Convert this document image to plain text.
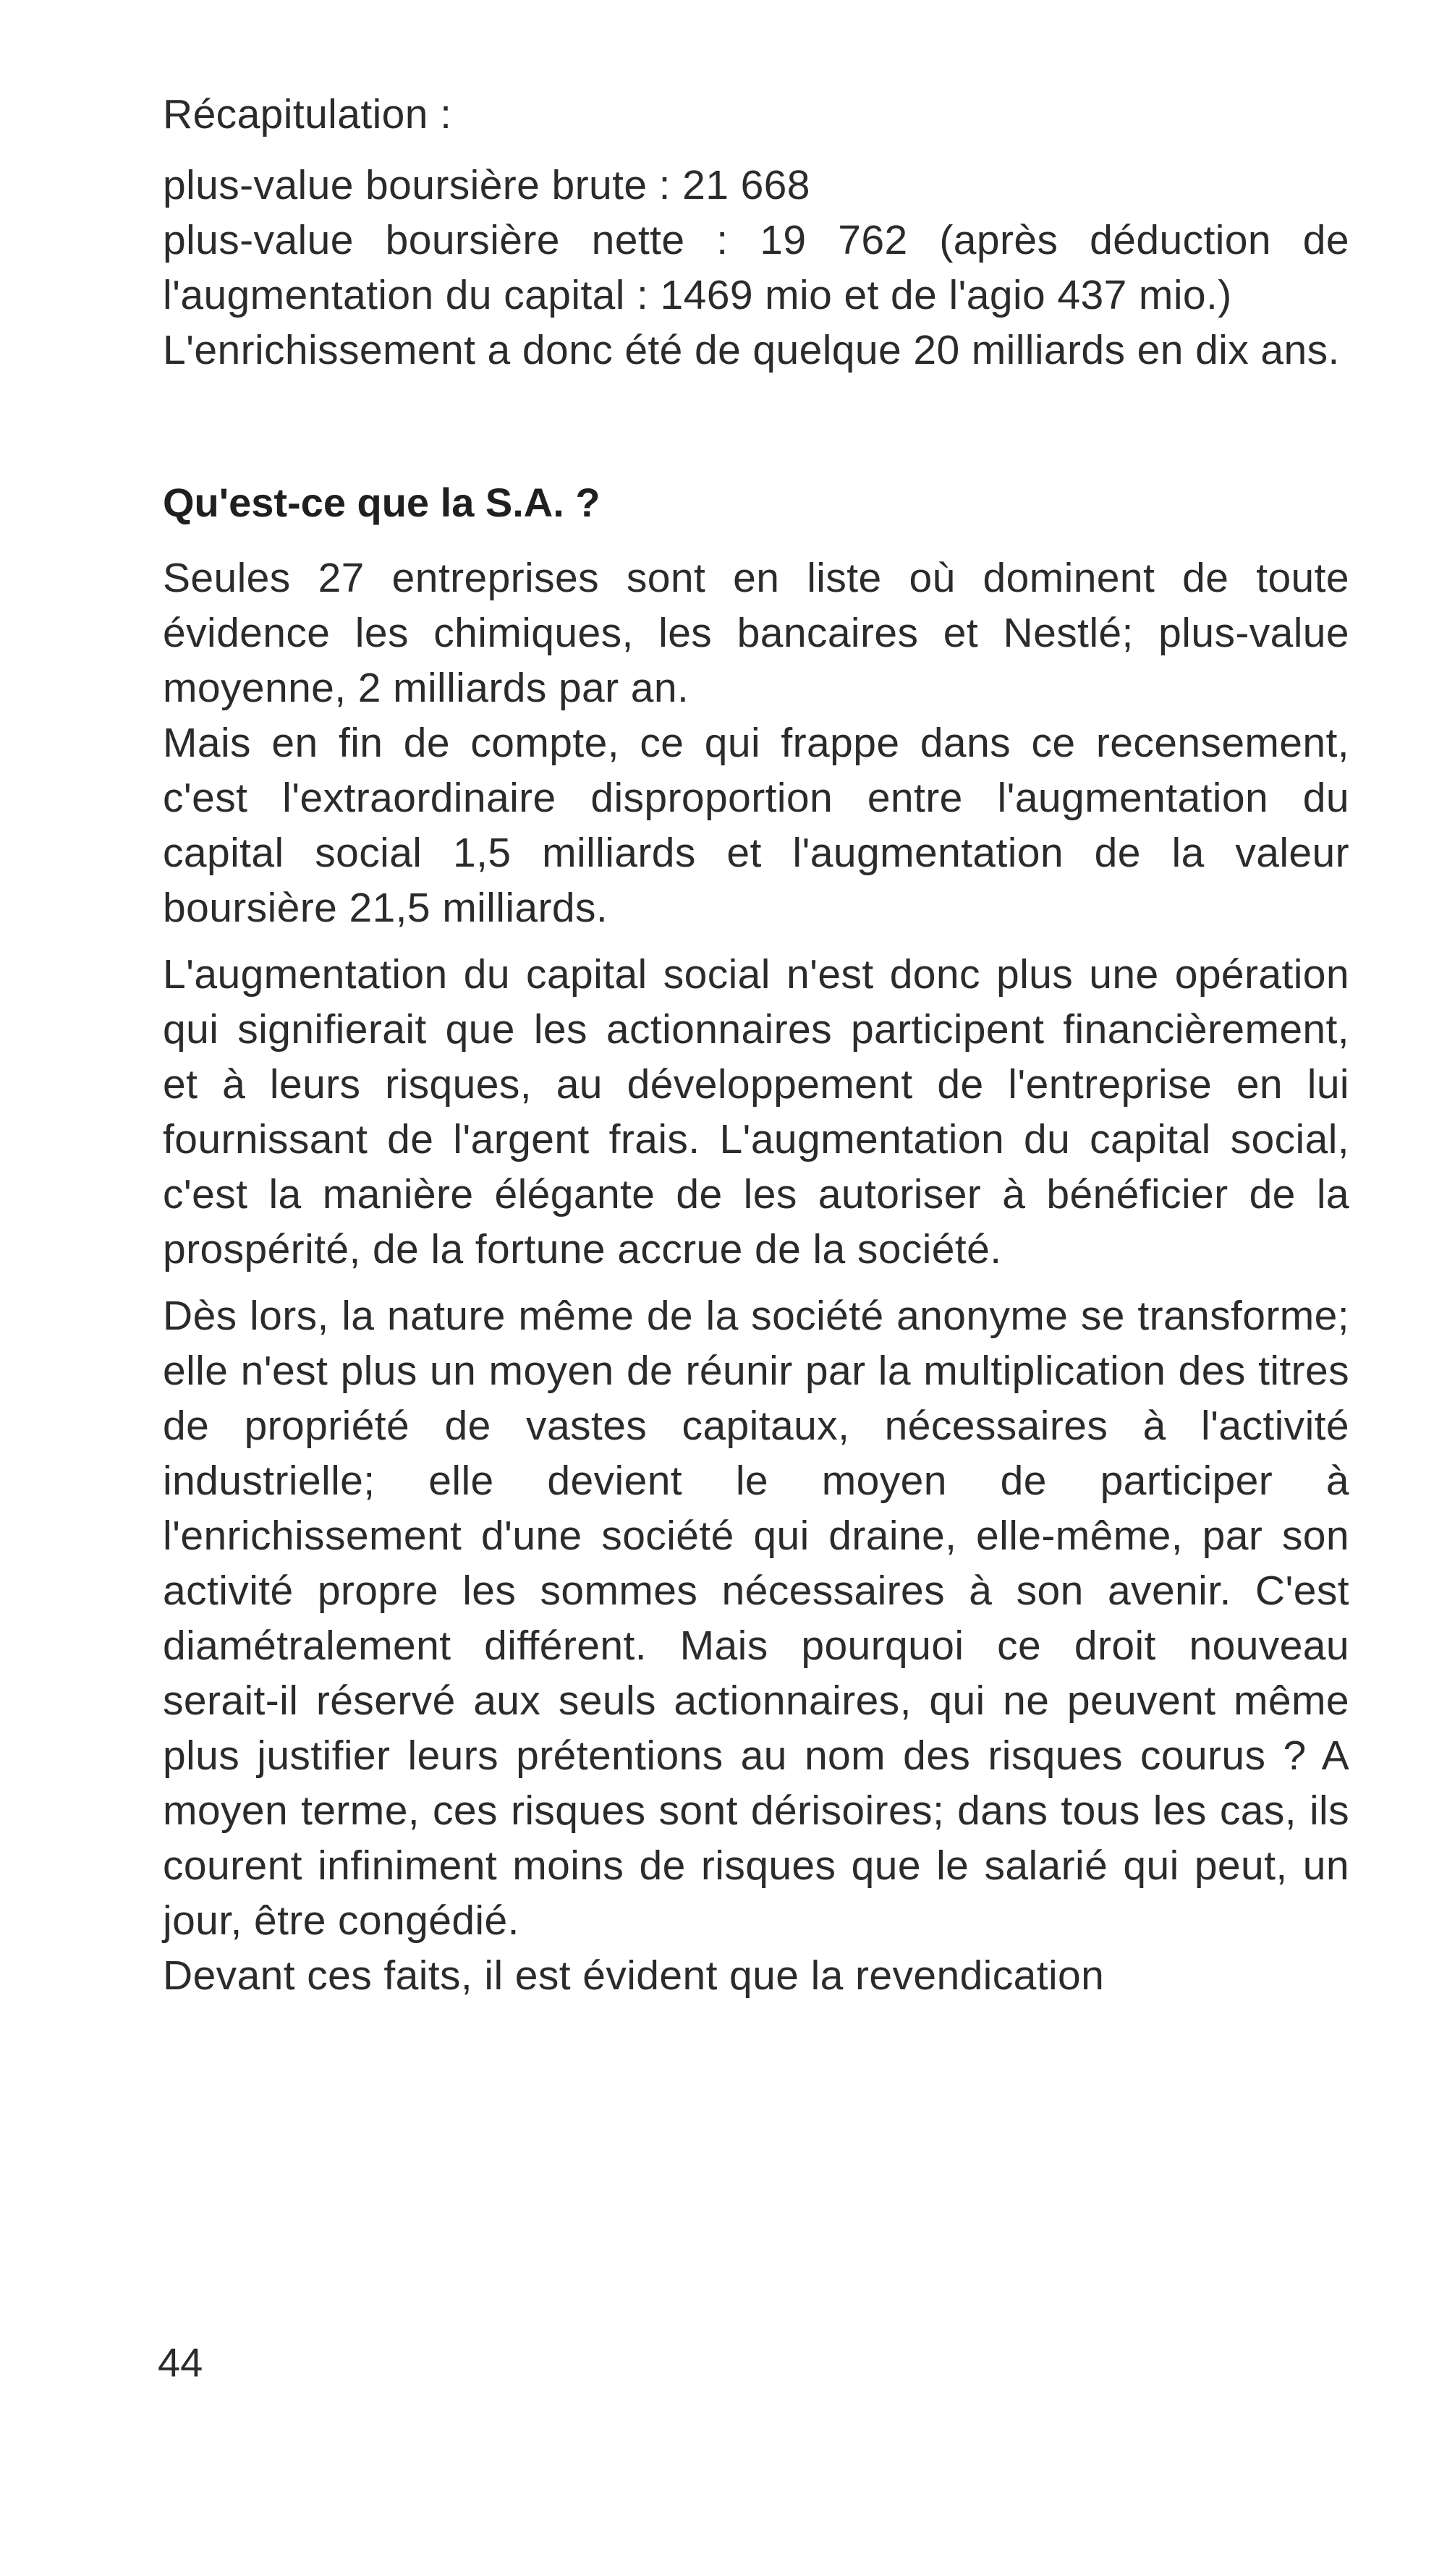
Récapitulation :

plus-value boursière brute : 21 668

plus-value boursière nette : 19 762 (après déduction de l'augmentation du capital : 1469 mio et de l'agio 437 mio.)

L'enrichissement a donc été de quelque 20 milliards en dix ans.

Qu'est-ce que la S.A. ?

Seules 27 entreprises sont en liste où dominent de toute évidence les chimiques, les bancaires et Nestlé; plus-value moyenne, 2 milliards par an.

Mais en fin de compte, ce qui frappe dans ce recensement, c'est l'extraordinaire disproportion entre l'augmentation du capital social 1,5 milliards et l'augmentation de la valeur boursière 21,5 milliards.

L'augmentation du capital social n'est donc plus une opération qui signifierait que les actionnaires participent financièrement, et à leurs risques, au développement de l'entreprise en lui fournissant de l'argent frais. L'augmentation du capital social, c'est la manière élégante de les autoriser à bénéficier de la prospérité, de la fortune accrue de la société.

Dès lors, la nature même de la société anonyme se transforme; elle n'est plus un moyen de réunir par la multiplication des titres de propriété de vastes capitaux, nécessaires à l'activité industrielle; elle devient le moyen de participer à l'enrichissement d'une société qui draine, elle-même, par son activité propre les sommes nécessaires à son avenir. C'est diamétralement différent. Mais pourquoi ce droit nouveau serait-il réservé aux seuls actionnaires, qui ne peuvent même plus justifier leurs prétentions au nom des risques courus ? A moyen terme, ces risques sont dérisoires; dans tous les cas, ils courent infiniment moins de risques que le salarié qui peut, un jour, être congédié.

Devant ces faits, il est évident que la revendication

44
